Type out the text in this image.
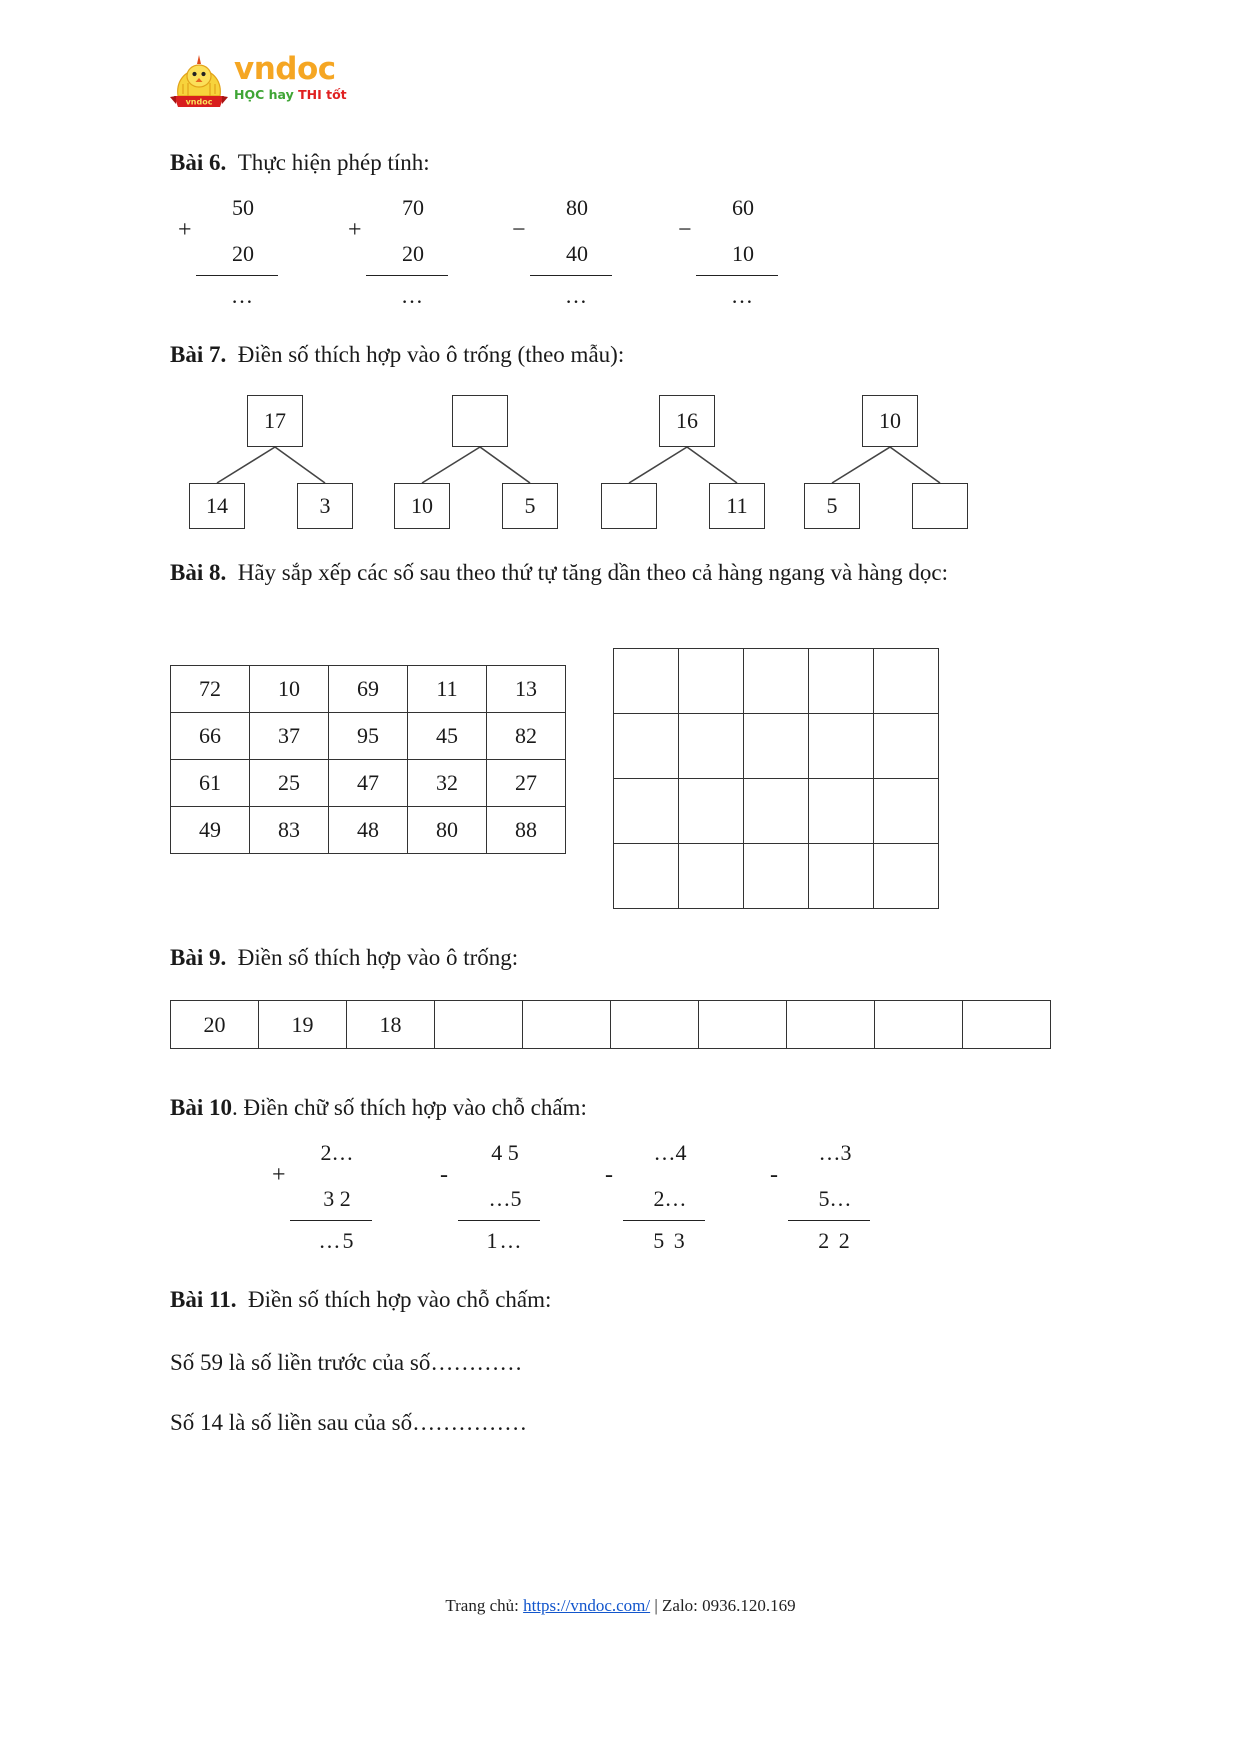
vndoc
vndoc
HỌC hay THI tốt
Bài 6. Thực hiện phép tính:
+
50
20
…
+
70
20
…
−
80
40
…
−
60
10
…
Bài 7. Điền số thích hợp vào ô trống (theo mẫu):
17
14	3	10	5
16
11
10
5
Bài 8. Hãy sắp xếp các số sau theo thứ tự tăng dần theo cả hàng ngang và hàng dọc:
72	10	69	11	13
66	37	95	45	82
61	25	47	32	27
49	83	48	80	88

Bài 9. Điền số thích hợp vào ô trống:
20	19	18							
Bài 10. Điền chữ số thích hợp vào chỗ chấm:
+
2…
3 2
…5
-
4 5
…5
1…
-
…4
2…
5 3
-
…3
5…
2 2
Bài 11. Điền số thích hợp vào chỗ chấm:
Số 59 là số liền trước của số…………
Số 14 là số liền sau của số……………
Trang chủ: https://vndoc.com/ | Zalo: 0936.120.169
